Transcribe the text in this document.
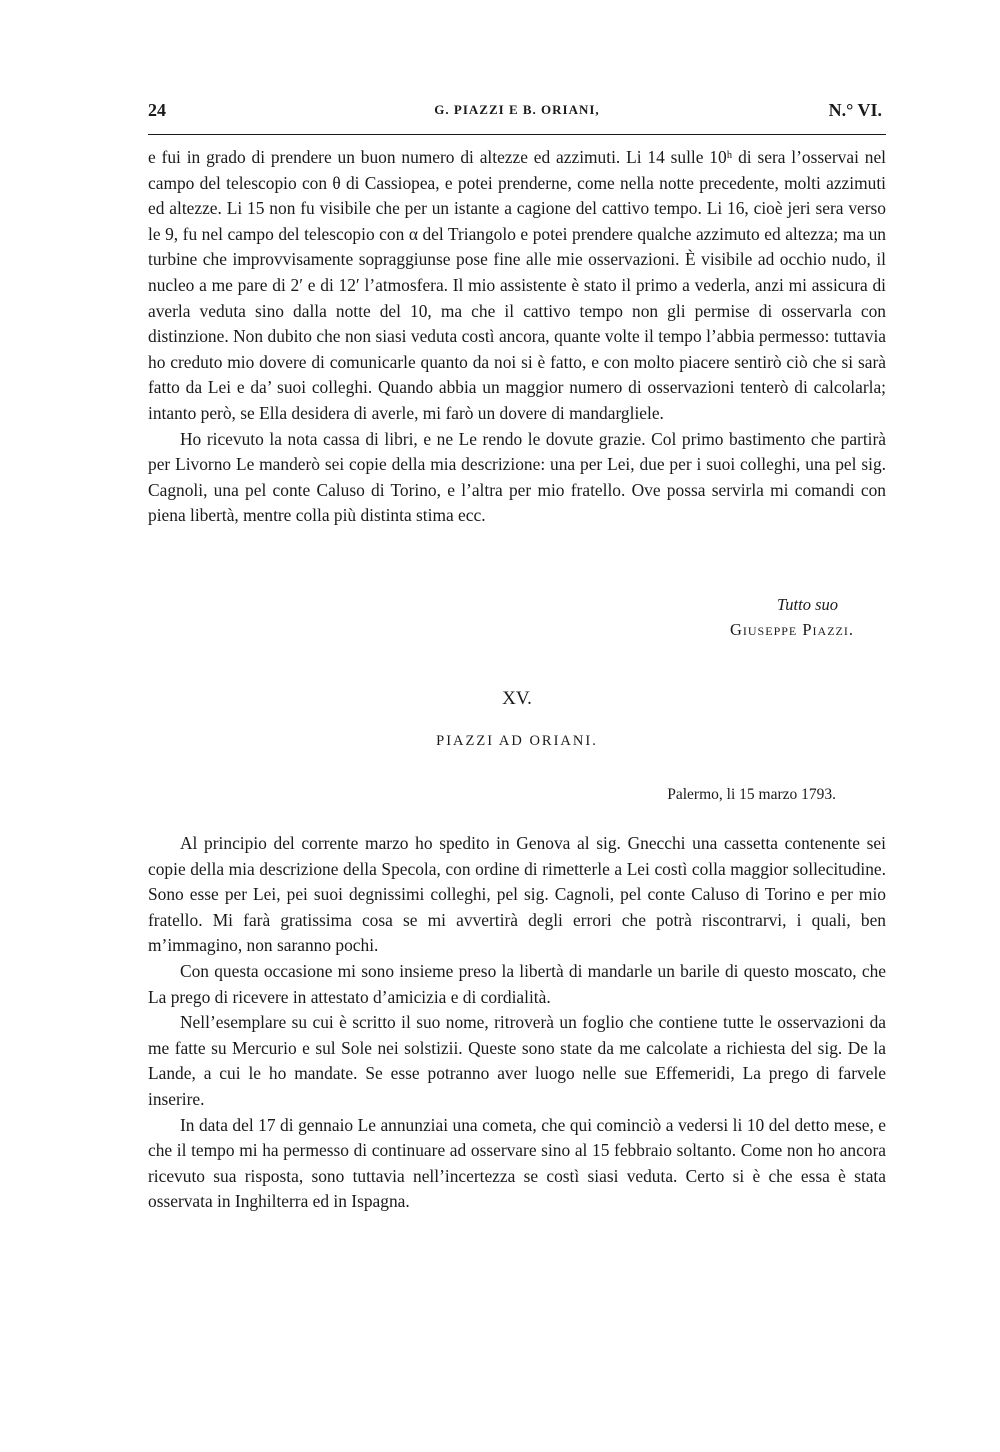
24	G. PIAZZI E B. ORIANI,	N.° VI.

e fui in grado di prendere un buon numero di altezze ed azzimuti. Li 14 sulle 10ʰ di sera l’osservai nel campo del telescopio con θ di Cassiopea, e potei prenderne, come nella notte precedente, molti azzimuti ed altezze. Li 15 non fu visibile che per un istante a cagione del cattivo tempo. Li 16, cioè jeri sera verso le 9, fu nel campo del telescopio con α del Triangolo e potei prendere qualche azzimuto ed altezza; ma un turbine che improvvisamente sopraggiunse pose fine alle mie osservazioni. È visibile ad occhio nudo, il nucleo a me pare di 2′ e di 12′ l’atmosfera. Il mio assistente è stato il primo a vederla, anzi mi assicura di averla veduta sino dalla notte del 10, ma che il cattivo tempo non gli permise di osservarla con distinzione. Non dubito che non siasi veduta costì ancora, quante volte il tempo l’abbia permesso: tuttavia ho creduto mio dovere di comunicarle quanto da noi si è fatto, e con molto piacere sentirò ciò che si sarà fatto da Lei e da’ suoi colleghi. Quando abbia un maggior numero di osservazioni tenterò di calcolarla; intanto però, se Ella desidera di averle, mi farò un dovere di mandargliele.

Ho ricevuto la nota cassa di libri, e ne Le rendo le dovute grazie. Col primo bastimento che partirà per Livorno Le manderò sei copie della mia descrizione: una per Lei, due per i suoi colleghi, una pel sig. Cagnoli, una pel conte Caluso di Torino, e l’altra per mio fratello. Ove possa servirla mi comandi con piena libertà, mentre colla più distinta stima ecc.

Tutto suo
Giuseppe Piazzi.
XV.
PIAZZI AD ORIANI.
Palermo, li 15 marzo 1793.

Al principio del corrente marzo ho spedito in Genova al sig. Gnecchi una cassetta contenente sei copie della mia descrizione della Specola, con ordine di rimetterle a Lei costì colla maggior sollecitudine. Sono esse per Lei, pei suoi degnissimi colleghi, pel sig. Cagnoli, pel conte Caluso di Torino e per mio fratello. Mi farà gratissima cosa se mi avvertirà degli errori che potrà riscontrarvi, i quali, ben m’immagino, non saranno pochi.

Con questa occasione mi sono insieme preso la libertà di mandarle un barile di questo moscato, che La prego di ricevere in attestato d’amicizia e di cordialità.

Nell’esemplare su cui è scritto il suo nome, ritroverà un foglio che contiene tutte le osservazioni da me fatte su Mercurio e sul Sole nei solstizii. Queste sono state da me calcolate a richiesta del sig. De la Lande, a cui le ho mandate. Se esse potranno aver luogo nelle sue Effemeridi, La prego di farvele inserire.

In data del 17 di gennaio Le annunziai una cometa, che qui cominciò a vedersi li 10 del detto mese, e che il tempo mi ha permesso di continuare ad osservare sino al 15 febbraio soltanto. Come non ho ancora ricevuto sua risposta, sono tuttavia nell’incertezza se costì siasi veduta. Certo si è che essa è stata osservata in Inghilterra ed in Ispagna.
